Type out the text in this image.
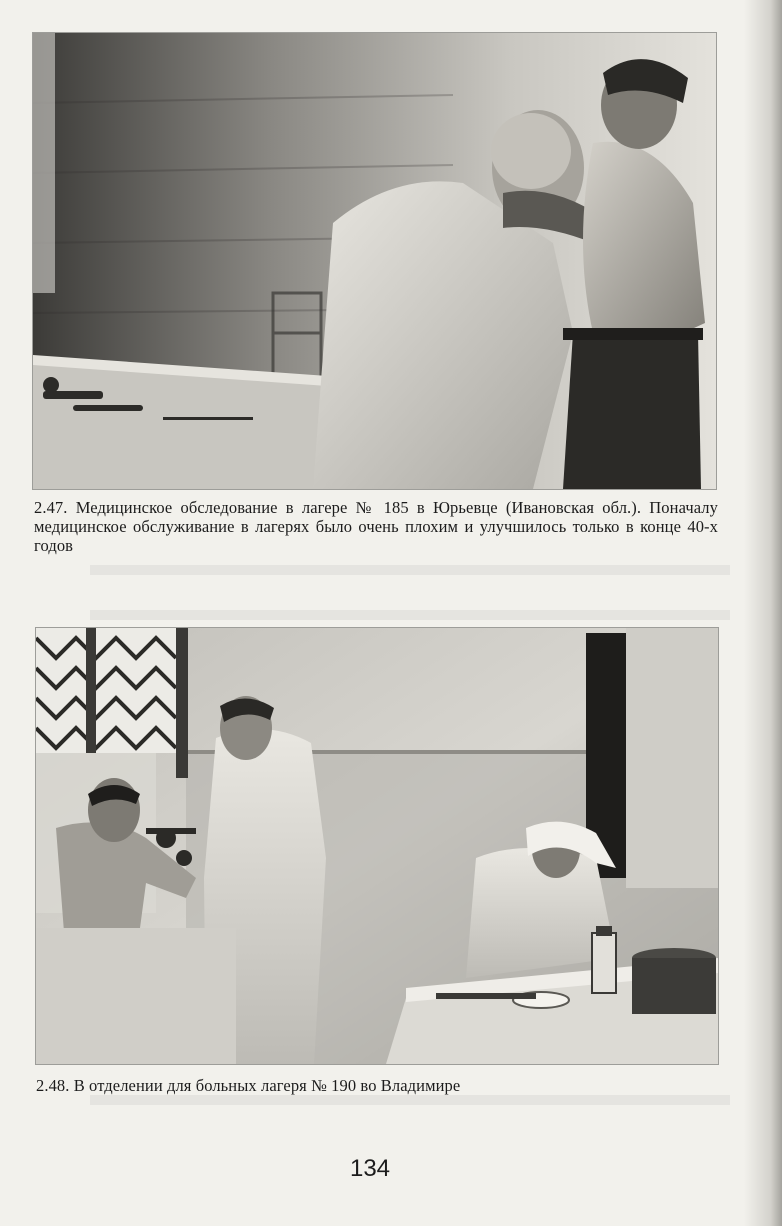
2.47. Медицинское обследование в лагере № 185 в Юрьевце (Ивановская обл.). Поначалу медицинское обслуживание в лагерях было очень плохим и улучшилось только в конце 40-х годов
2.48. В отделении для больных лагеря № 190 во Владимире
134
